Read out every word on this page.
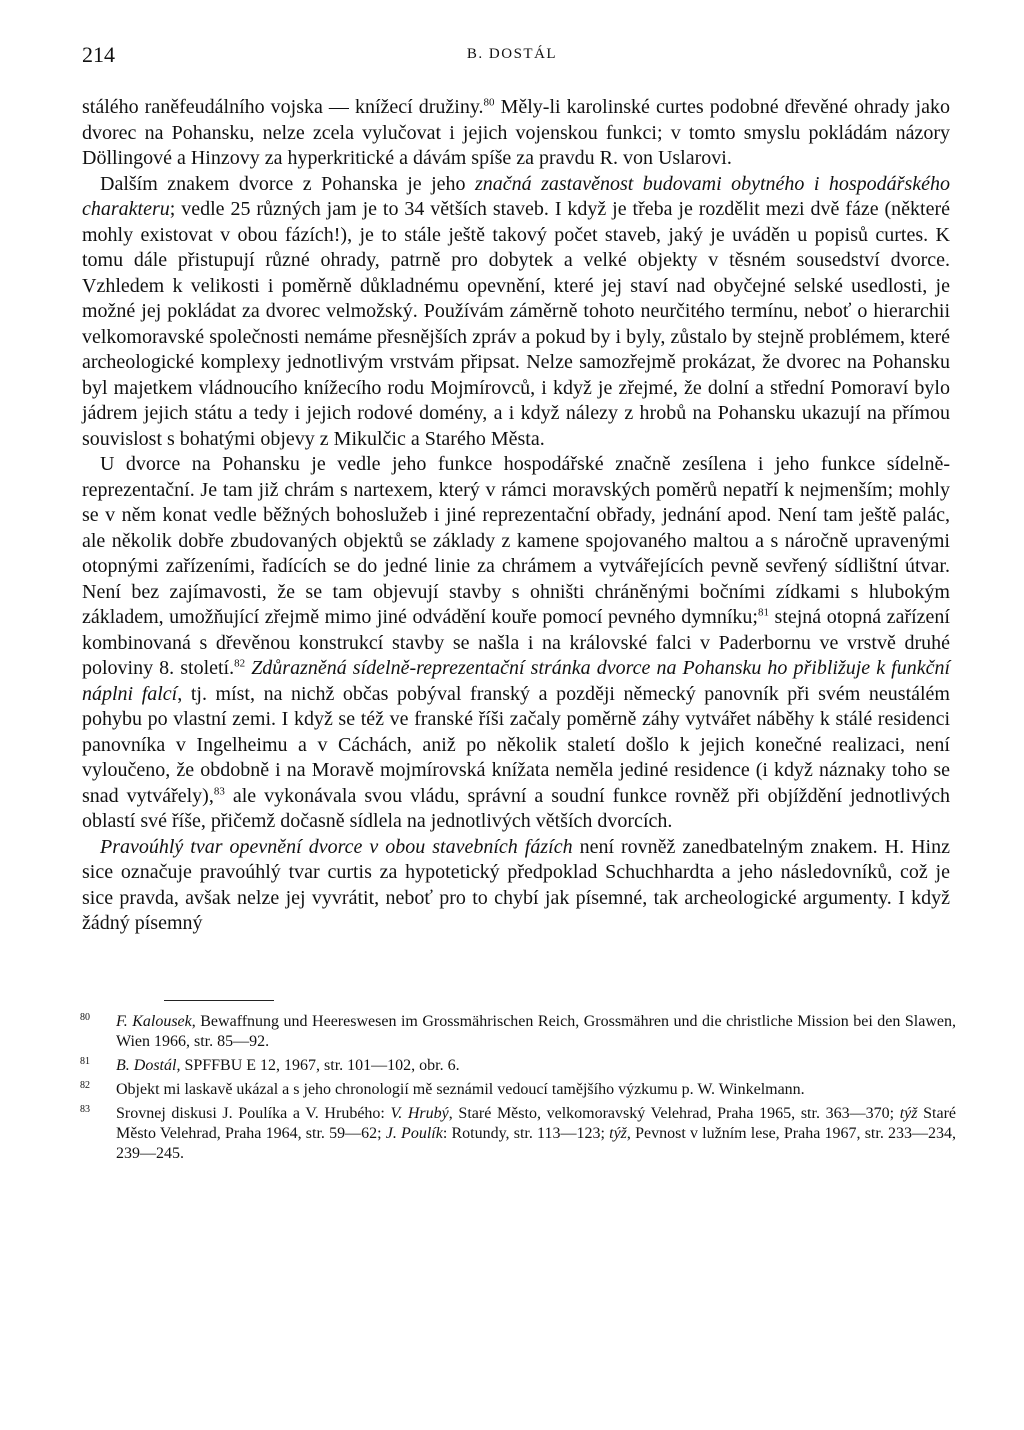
214	B. DOSTÁL

stálého raněfeudálního vojska — knížecí družiny.$^{80}$ Měly-li karolinské curtes podobné dřevěné ohrady jako dvorec na Pohansku, nelze zcela vylučovat i jejich vojenskou funkci; v tomto smyslu pokládám názory Döllingové a Hinzovy za hyperkritické a dávám spíše za pravdu R. von Uslarovi.

Dalším znakem dvorce z Pohanska je jeho značná zastavěnost budovami obytného i hospodářského charakteru; vedle 25 různých jam je to 34 větších staveb. I když je třeba je rozdělit mezi dvě fáze (některé mohly existovat v obou fázích!), je to stále ještě takový počet staveb, jaký je uváděn u popisů curtes. K tomu dále přistupují různé ohrady, patrně pro dobytek a velké objekty v těsném sousedství dvorce. Vzhledem k velikosti i poměrně důkladnému opevnění, které jej staví nad obyčejné selské usedlosti, je možné jej pokládat za dvorec velmožský. Používám záměrně tohoto neurčitého termínu, neboť o hierarchii velkomoravské společnosti nemáme přesnějších zpráv a pokud by i byly, zůstalo by stejně problémem, které archeologické komplexy jednotlivým vrstvám připsat. Nelze samozřejmě prokázat, že dvorec na Pohansku byl majetkem vládnoucího knížecího rodu Mojmírovců, i když je zřejmé, že dolní a střední Pomoraví bylo jádrem jejich státu a tedy i jejich rodové domény, a i když nálezy z hrobů na Pohansku ukazují na přímou souvislost s bohatými objevy z Mikulčic a Starého Města.

U dvorce na Pohansku je vedle jeho funkce hospodářské značně zesílena i jeho funkce sídelně-reprezentační. Je tam již chrám s nartexem, který v rámci moravských poměrů nepatří k nejmenším; mohly se v něm konat vedle běžných bohoslužeb i jiné reprezentační obřady, jednání apod. Není tam ještě palác, ale několik dobře zbudovaných objektů se základy z kamene spojovaného maltou a s náročně upravenými otopnými zařízeními, řadících se do jedné linie za chrámem a vytvářejících pevně sevřený sídlištní útvar. Není bez zajímavosti, že se tam objevují stavby s ohništi chráněnými bočními zídkami s hlubokým základem, umožňující zřejmě mimo jiné odvádění kouře pomocí pevného dymníku;$^{81}$ stejná otopná zařízení kombinovaná s dřevěnou konstrukcí stavby se našla i na královské falci v Paderbornu ve vrstvě druhé poloviny 8. století.$^{82}$ Zdůrazněná sídelně-reprezentační stránka dvorce na Pohansku ho přibližuje k funkční náplni falcí, tj. míst, na nichž občas pobýval franský a později německý panovník při svém neustálém pohybu po vlastní zemi. I když se též ve franské říši začaly poměrně záhy vytvářet náběhy k stálé residenci panovníka v Ingelheimu a v Cáchách, aniž po několik staletí došlo k jejich konečné realizaci, není vyloučeno, že obdobně i na Moravě mojmírovská knížata neměla jediné residence (i když náznaky toho se snad vytvářely),$^{83}$ ale vykonávala svou vládu, správní a soudní funkce rovněž při objíždění jednotlivých oblastí své říše, přičemž dočasně sídlela na jednotlivých větších dvorcích.

Pravoúhlý tvar opevnění dvorce v obou stavebních fázích není rovněž zanedbatelným znakem. H. Hinz sice označuje pravoúhlý tvar curtis za hypotetický předpoklad Schuchhardta a jeho následovníků, což je sice pravda, avšak nelze jej vyvrátit, neboť pro to chybí jak písemné, tak archeologické argumenty. I když žádný písemný

80 F. Kalousek, Bewaffnung und Heereswesen im Grossmährischen Reich, Grossmähren und die christliche Mission bei den Slawen, Wien 1966, str. 85—92.
81 B. Dostál, SPFFBU E 12, 1967, str. 101—102, obr. 6.
82 Objekt mi laskavě ukázal a s jeho chronologií mě seznámil vedoucí tamějšího výzkumu p. W. Winkelmann.
83 Srovnej diskusi J. Poulíka a V. Hrubého: V. Hrubý, Staré Město, velkomoravský Velehrad, Praha 1965, str. 363—370; týž Staré Město Velehrad, Praha 1964, str. 59—62; J. Poulík: Rotundy, str. 113—123; týž, Pevnost v lužním lese, Praha 1967, str. 233—234, 239—245.
